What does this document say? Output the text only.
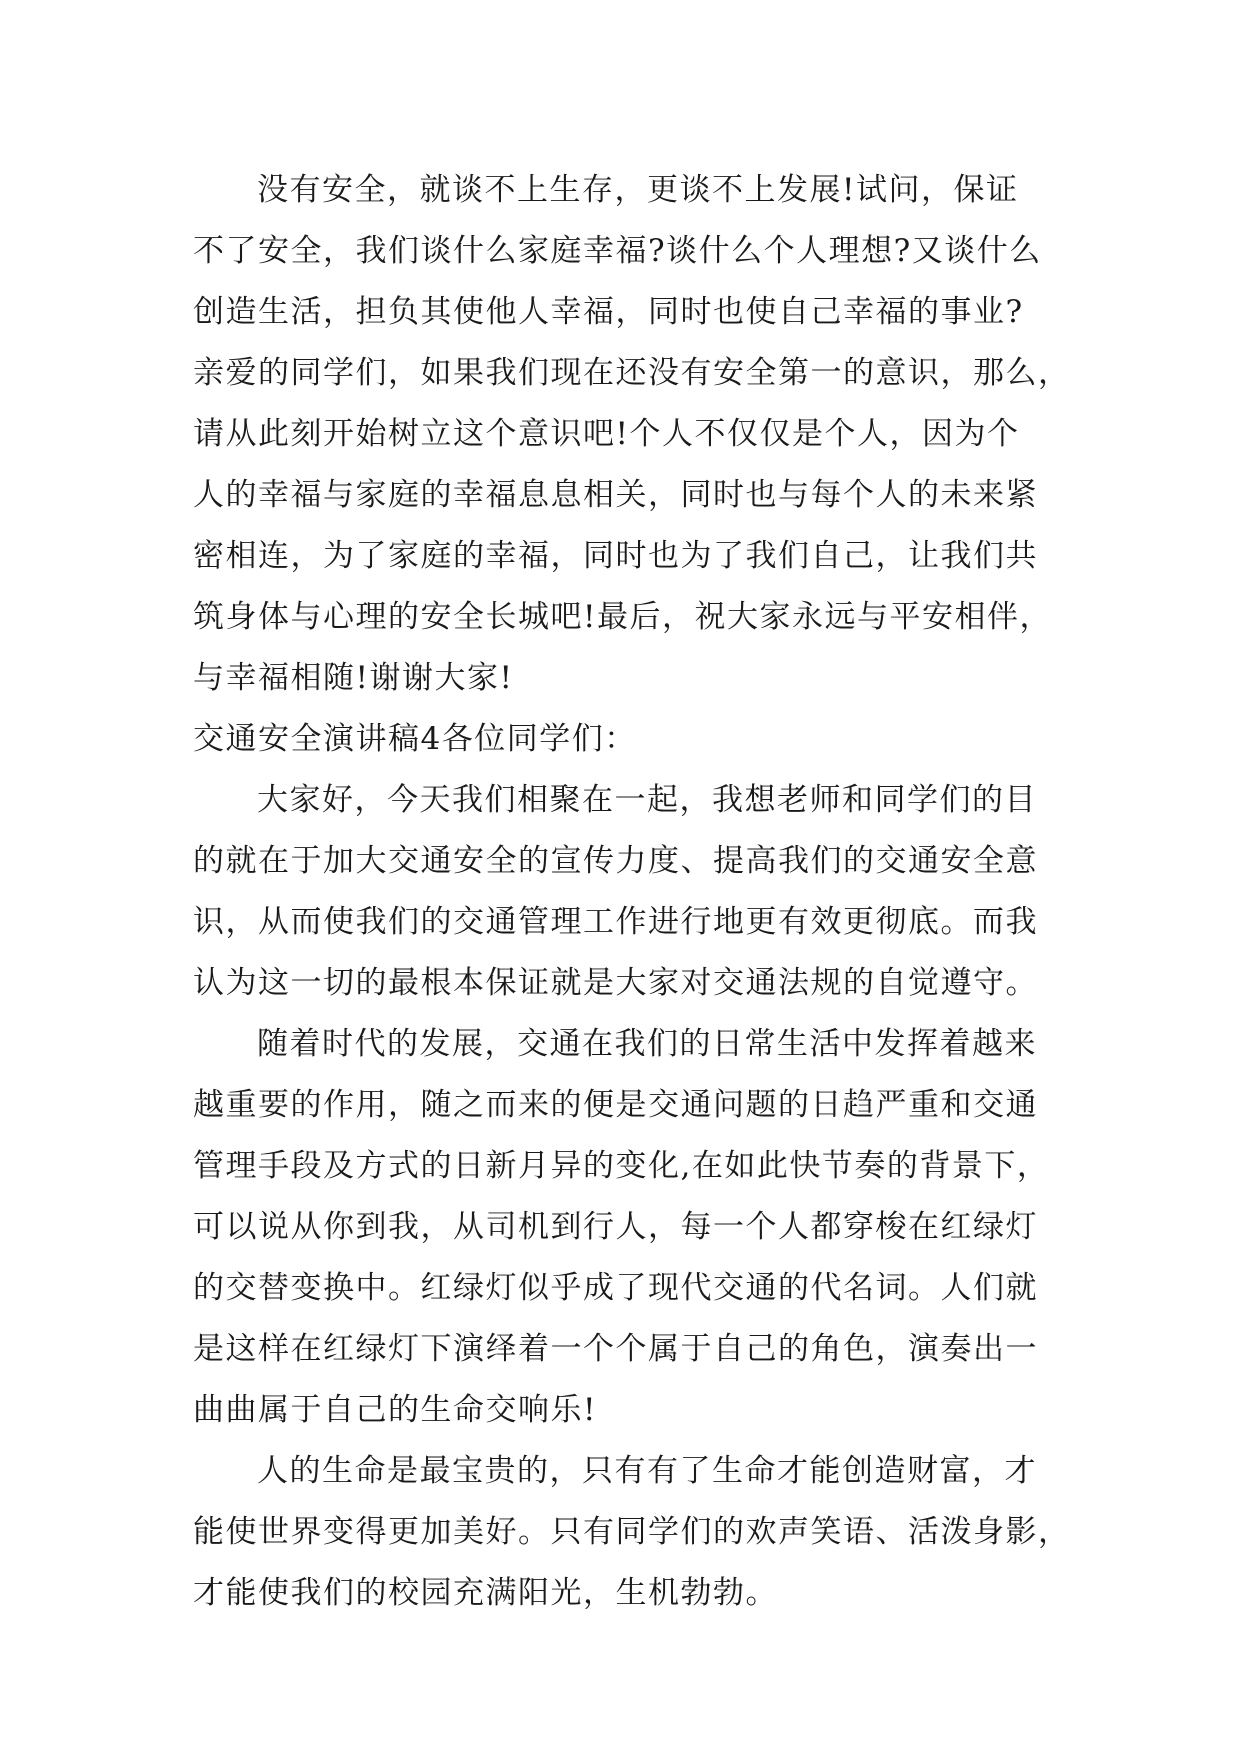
没有安全，就谈不上生存，更谈不上发展!试问，保证
不了安全，我们谈什么家庭幸福?谈什么个人理想?又谈什么
创造生活，担负其使他人幸福，同时也使自己幸福的事业?
亲爱的同学们，如果我们现在还没有安全第一的意识，那么，
请从此刻开始树立这个意识吧!个人不仅仅是个人，因为个
人的幸福与家庭的幸福息息相关，同时也与每个人的未来紧
密相连，为了家庭的幸福，同时也为了我们自己，让我们共
筑身体与心理的安全长城吧!最后，祝大家永远与平安相伴，
与幸福相随!谢谢大家!
交通安全演讲稿4各位同学们：
大家好，今天我们相聚在一起，我想老师和同学们的目
的就在于加大交通安全的宣传力度、提高我们的交通安全意
识，从而使我们的交通管理工作进行地更有效更彻底。而我
认为这一切的最根本保证就是大家对交通法规的自觉遵守。
随着时代的发展，交通在我们的日常生活中发挥着越来
越重要的作用，随之而来的便是交通问题的日趋严重和交通
管理手段及方式的日新月异的变化,在如此快节奏的背景下，
可以说从你到我，从司机到行人，每一个人都穿梭在红绿灯
的交替变换中。红绿灯似乎成了现代交通的代名词。人们就
是这样在红绿灯下演绎着一个个属于自己的角色，演奏出一
曲曲属于自己的生命交响乐!
人的生命是最宝贵的，只有有了生命才能创造财富，才
能使世界变得更加美好。只有同学们的欢声笑语、活泼身影，
才能使我们的校园充满阳光，生机勃勃。
